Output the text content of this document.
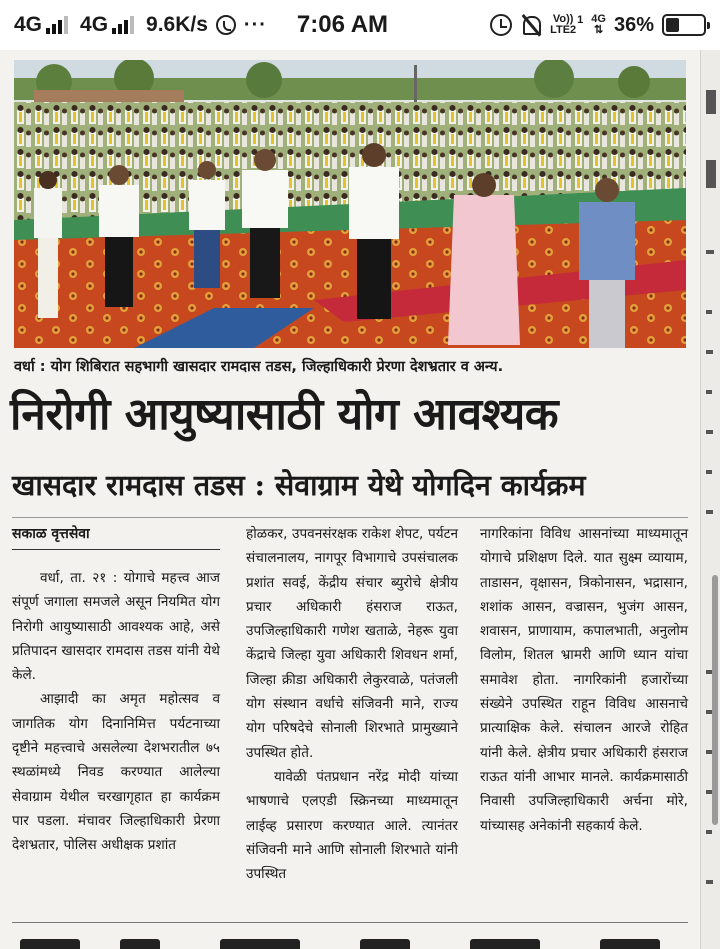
4G 4G 9.6K/s ··· 7:06 AM	Vo))
LTE2
1 4G
⇅ 36%
वर्धा : योग शिबिरात सहभागी खासदार रामदास तडस, जिल्हाधिकारी प्रेरणा देशभ्रतार व अन्य.
निरोगी आयुष्यासाठी योग आवश्यक
खासदार रामदास तडस : सेवाग्राम येथे योगदिन कार्यक्रम
सकाळ वृत्तसेवा

वर्धा, ता. २१ : योगाचे महत्त्व आज संपूर्ण जगाला समजले असून नियमित योग निरोगी आयुष्यासाठी आवश्यक आहे, असे प्रतिपादन खासदार रामदास तडस यांनी येथे केले.

आझादी का अमृत महोत्सव व जागतिक योग दिनानिमित्त पर्यटनाच्या दृष्टीने महत्त्वाचे असलेल्या देशभरातील ७५ स्थळांमध्ये निवड करण्यात आलेल्या सेवाग्राम येथील चरखागृहात हा कार्यक्रम पार पडला. मंचावर जिल्हाधिकारी प्रेरणा देशभ्रतार, पोलिस अधीक्षक प्रशांत

होळकर, उपवनसंरक्षक राकेश शेपट, पर्यटन संचालनालय, नागपूर विभागाचे उपसंचालक प्रशांत सवई, केंद्रीय संचार ब्युरोचे क्षेत्रीय प्रचार अधिकारी हंसराज राऊत, उपजिल्हाधिकारी गणेश खताळे, नेहरू युवा केंद्राचे जिल्हा युवा अधिकारी शिवधन शर्मा, जिल्हा क्रीडा अधिकारी लेकुरवाळे, पतंजली योग संस्थान वर्धाचे संजिवनी माने, राज्य योग परिषदेचे सोनाली शिरभाते प्रामुख्याने उपस्थित होते.

यावेळी पंतप्रधान नरेंद्र मोदी यांच्या भाषणाचे एलएडी स्क्रिनच्या माध्यमातून लाईव्ह प्रसारण करण्यात आले. त्यानंतर संजिवनी माने आणि सोनाली शिरभाते यांनी उपस्थित

नागरिकांना विविध आसनांच्या माध्यमातून योगाचे प्रशिक्षण दिले. यात सुक्ष्म व्यायाम, ताडासन, वृक्षासन, त्रिकोनासन, भद्रासान, शशांक आसन, वज्रासन, भुजंग आसन, शवासन, प्राणायाम, कपालभाती, अनुलोम विलोम, शितल भ्रामरी आणि ध्यान यांचा समावेश होता. नागरिकांनी हजारोंच्या संख्येने उपस्थित राहून विविध आसनाचे प्रात्याक्षिक केले. संचालन आरजे रोहित यांनी केले. क्षेत्रीय प्रचार अधिकारी हंसराज राऊत यांनी आभार मानले. कार्यक्रमासाठी निवासी उपजिल्हाधिकारी अर्चना मोरे, यांच्यासह अनेकांनी सहकार्य केले.
